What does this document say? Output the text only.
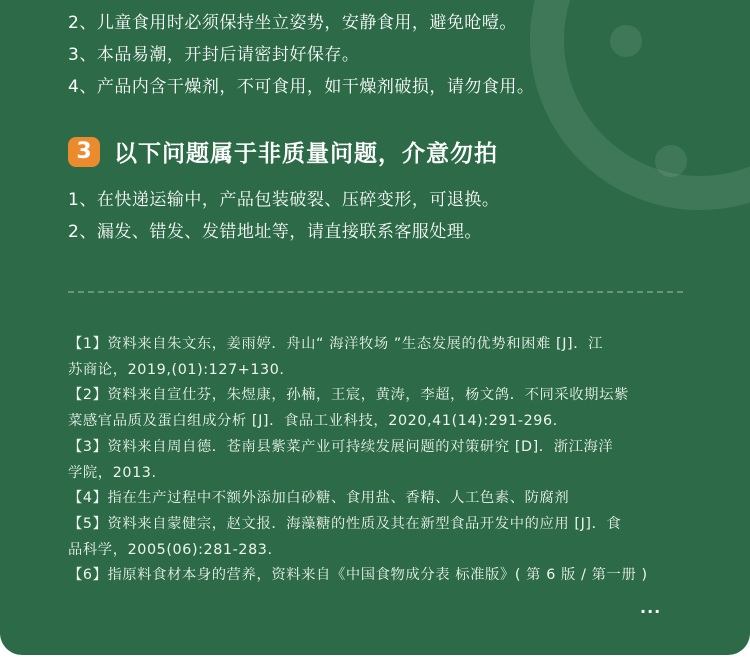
2、儿童食用时必须保持坐立姿势，安静食用，避免呛噎。
3、本品易潮，开封后请密封好保存。
4、产品内含干燥剂，不可食用，如干燥剂破损，请勿食用。
3 以下问题属于非质量问题，介意勿拍
1、在快递运输中，产品包装破裂、压碎变形，可退换。
2、漏发、错发、发错地址等，请直接联系客服处理。
【1】资料来自朱文东，姜雨婷．舟山“ 海洋牧场 ”生态发展的优势和困难 [J]．江
苏商论，2019,(01):127+130.
【2】资料来自宣仕芬，朱煜康，孙楠，王宸，黄涛，李超，杨文鸽．不同采收期坛紫
菜感官品质及蛋白组成分析 [J]．食品工业科技，2020,41(14):291-296.
【3】资料来自周自德．苍南县紫菜产业可持续发展问题的对策研究 [D]．浙江海洋
学院，2013.
【4】指在生产过程中不额外添加白砂糖、食用盐、香精、人工色素、防腐剂
【5】资料来自蒙健宗，赵文报．海藻糖的性质及其在新型食品开发中的应用 [J]．食
品科学，2005(06):281-283.
【6】指原料食材本身的营养，资料来自《中国食物成分表 标准版》( 第 6 版 / 第一册 )
...
